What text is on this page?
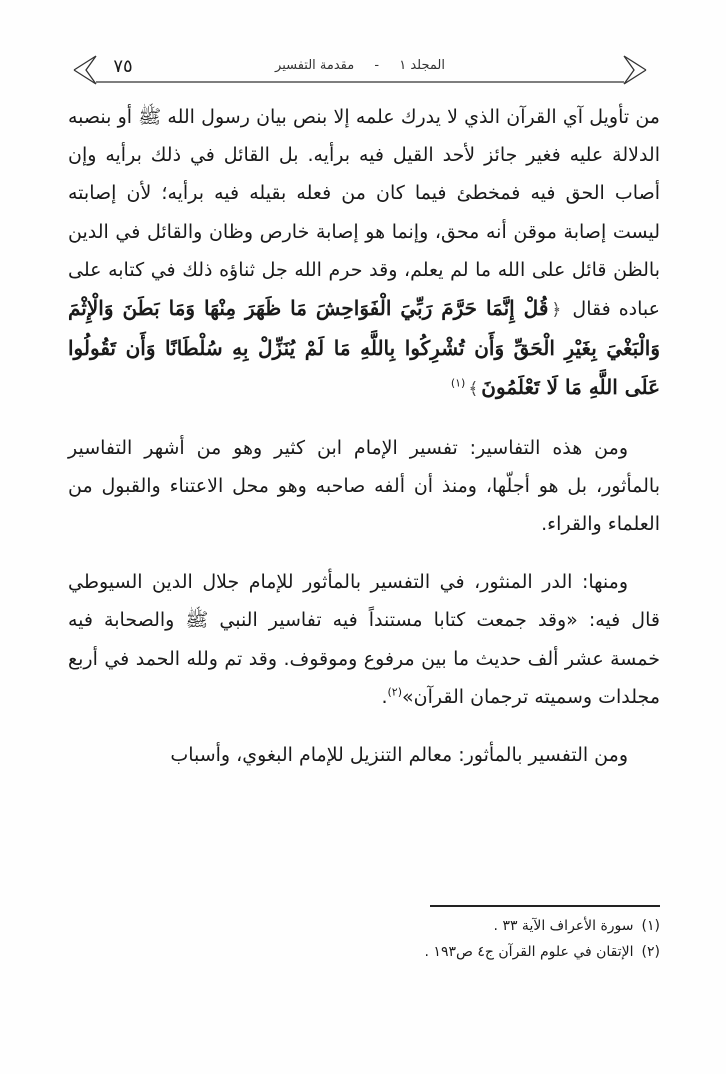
٧٥	المجلد ١ - مقدمة التفسير

من تأويل آي القرآن الذي لا يدرك علمه إلا بنص بيان رسول الله ﷺ أو بنصبه الدلالة عليه فغير جائز لأحد القيل فيه برأيه. بل القائل في ذلك برأيه وإن أصاب الحق فيه فمخطئ فيما كان من فعله بقيله فيه برأيه؛ لأن إصابته ليست إصابة موقن أنه محق، وإنما هو إصابة خارص وظان والقائل في الدين بالظن قائل على الله ما لم يعلم، وقد حرم الله جل ثناؤه ذلك في كتابه على عباده فقال ﴿قُلْ إِنَّمَا حَرَّمَ رَبِّيَ الْفَوَاحِشَ مَا ظَهَرَ مِنْهَا وَمَا بَطَنَ وَالْإِثْمَ وَالْبَغْيَ بِغَيْرِ الْحَقِّ وَأَن تُشْرِكُوا بِاللَّهِ مَا لَمْ يُنَزِّلْ بِهِ سُلْطَانًا وَأَن تَقُولُوا عَلَى اللَّهِ مَا لَا تَعْلَمُونَ﴾$^{(١)}$

ومن هذه التفاسير: تفسير الإمام ابن كثير وهو من أشهر التفاسير بالمأثور، بل هو أجلّها، ومنذ أن ألفه صاحبه وهو محل الاعتناء والقبول من العلماء والقراء.

ومنها: الدر المنثور، في التفسير بالمأثور للإمام جلال الدين السيوطي قال فيه: «وقد جمعت كتابا مستنداً فيه تفاسير النبي ﷺ والصحابة فيه خمسة عشر ألف حديث ما بين مرفوع وموقوف. وقد تم ولله الحمد في أربع مجلدات وسميته ترجمان القرآن»$^{(٢)}$.

ومن التفسير بالمأثور: معالم التنزيل للإمام البغوي، وأسباب

(١)سورة الأعراف الآية ٣٣ .

(٢)الإتقان في علوم القرآن ج٤ ص١٩٣ .
